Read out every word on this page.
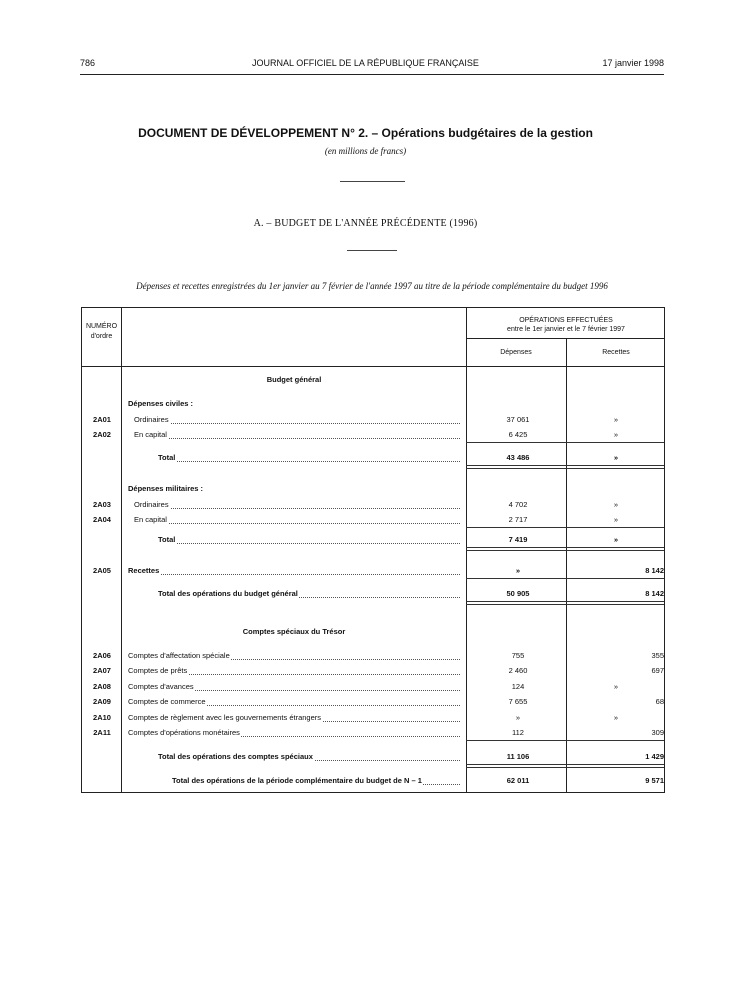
786	JOURNAL OFFICIEL DE LA RÉPUBLIQUE FRANÇAISE	17 janvier 1998
DOCUMENT DE DÉVELOPPEMENT N° 2. – Opérations budgétaires de la gestion
(en millions de francs)
A. – BUDGET DE L'ANNÉE PRÉCÉDENTE (1996)
Dépenses et recettes enregistrées du 1er janvier au 7 février de l'année 1997 au titre de la période complémentaire du budget 1996
NUMÉRO
d'ordre
OPÉRATIONS EFFECTUÉES
entre le 1er janvier et le 7 février 1997
Dépenses	Recettes
Budget général
Dépenses civiles :
2A01	Ordinaires	37 061	»
2A02	En capital	6 425	»
Total	43 486	»
Dépenses militaires :
2A03	Ordinaires	4 702	»
2A04	En capital	2 717	»
Total	7 419	»
2A05	Recettes	»	8 142
Total des opérations du budget général	50 905	8 142
Comptes spéciaux du Trésor
2A06	Comptes d'affectation spéciale	755	355
2A07	Comptes de prêts	2 460	697
2A08	Comptes d'avances	124	»
2A09	Comptes de commerce	7 655	68
2A10	Comptes de règlement avec les gouvernements étrangers	»	»
2A11	Comptes d'opérations monétaires	112	309
Total des opérations des comptes spéciaux	11 106	1 429
Total des opérations de la période complémentaire du budget de N – 1	62 011	9 571
